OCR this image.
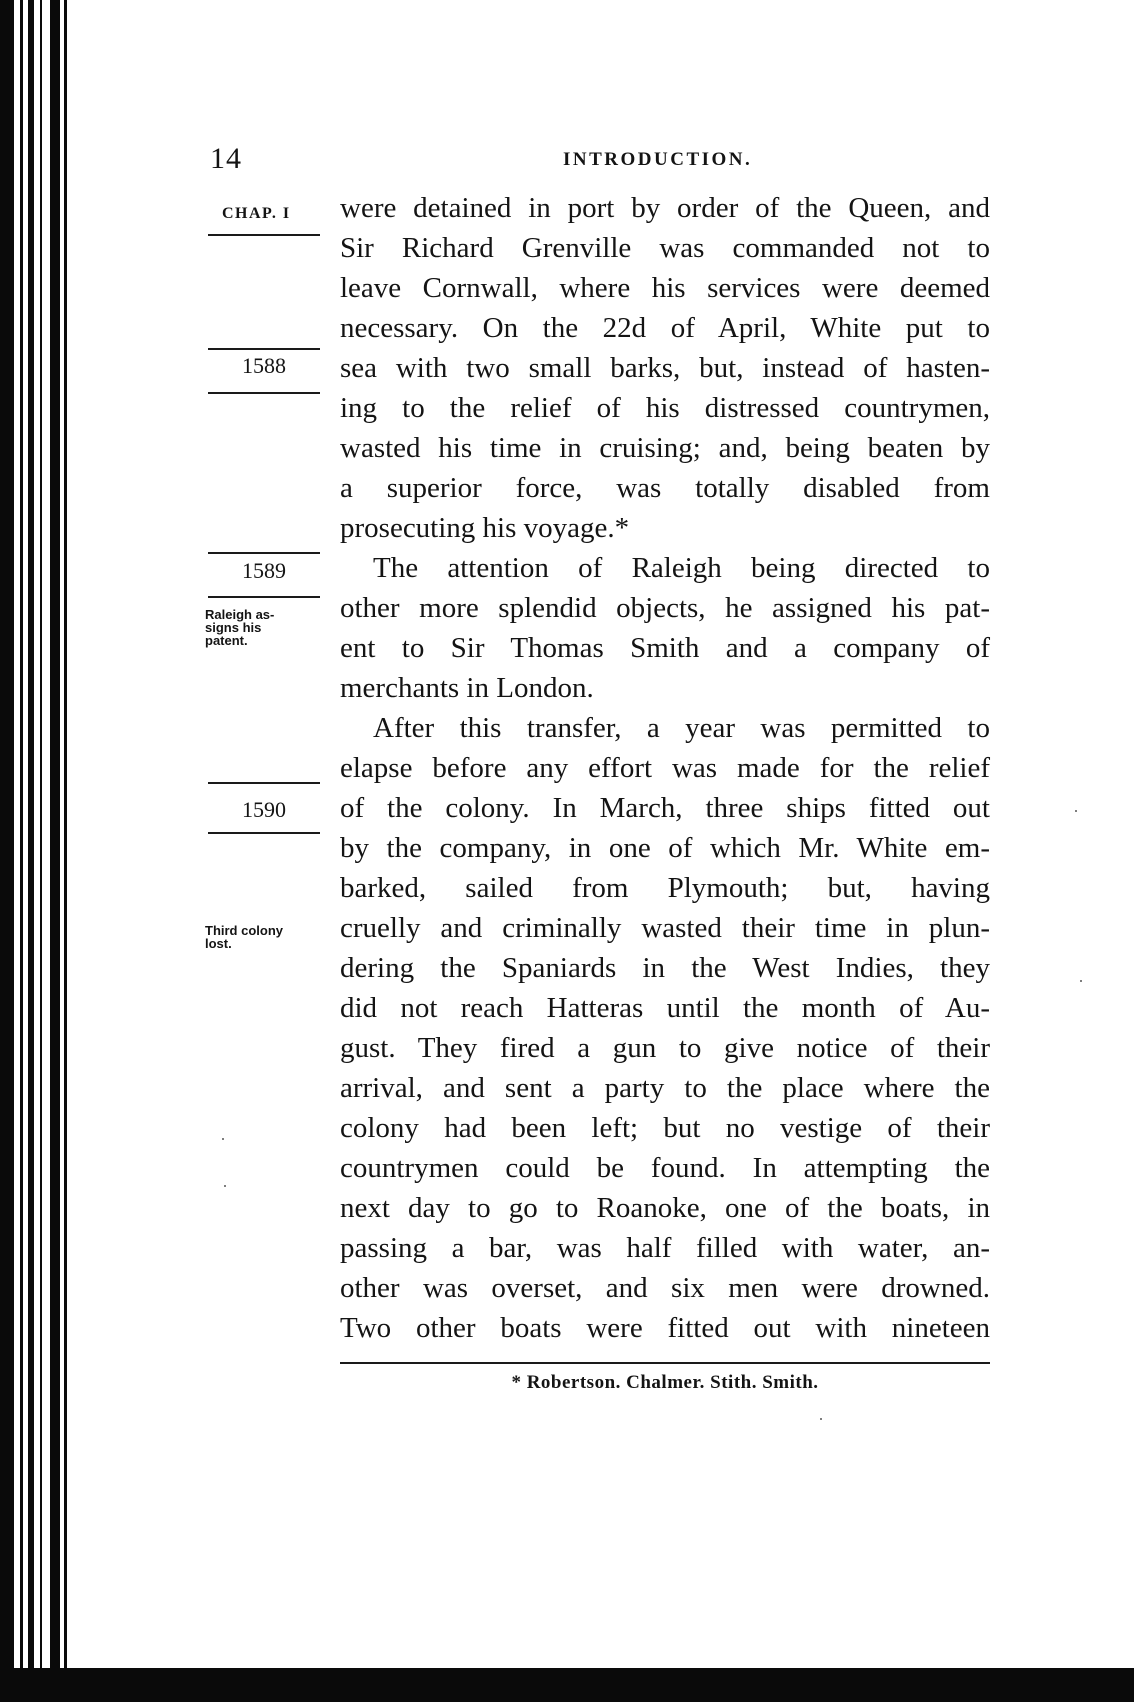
14	INTRODUCTION.
CHAP. I
1588
1589
Raleigh as-
signs his
patent.
1590
Third colony
lost.
were detained in port by order of the Queen, and
Sir Richard Grenville was commanded not to
leave Cornwall, where his services were deemed
necessary. On the 22d of April, White put to
sea with two small barks, but, instead of hasten-
ing to the relief of his distressed countrymen,
wasted his time in cruising; and, being beaten by
a superior force, was totally disabled from
prosecuting his voyage.*
The attention of Raleigh being directed to
other more splendid objects, he assigned his pat-
ent to Sir Thomas Smith and a company of
merchants in London.
After this transfer, a year was permitted to
elapse before any effort was made for the relief
of the colony. In March, three ships fitted out
by the company, in one of which Mr. White em-
barked, sailed from Plymouth; but, having
cruelly and criminally wasted their time in plun-
dering the Spaniards in the West Indies, they
did not reach Hatteras until the month of Au-
gust. They fired a gun to give notice of their
arrival, and sent a party to the place where the
colony had been left; but no vestige of their
countrymen could be found. In attempting the
next day to go to Roanoke, one of the boats, in
passing a bar, was half filled with water, an-
other was overset, and six men were drowned.
Two other boats were fitted out with nineteen
* Robertson. Chalmer. Stith. Smith.
